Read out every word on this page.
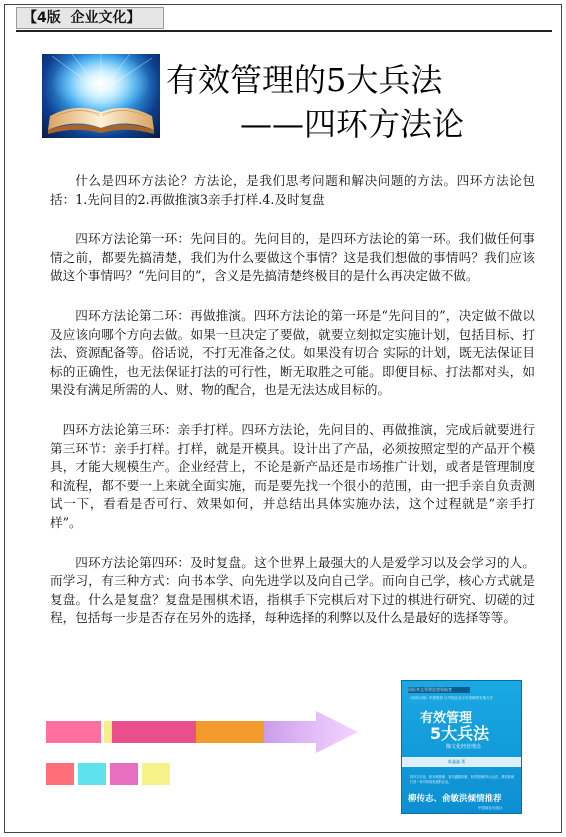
【4版  企业文化】
有效管理的5大兵法
——四环方法论

什么是四环方法论？方法论，是我们思考问题和解决问题的方法。四环方法论包括：1.先问目的2.再做推演3亲手打样.4.及时复盘

四环方法论第一环：先问目的。先问目的，是四环方法论的第一环。我们做任何事情之前，都要先搞清楚，我们为什么要做这个事情？这是我们想做的事情吗？我们应该做这个事情吗？“先问目的”，含义是先搞清楚终极目的是什么再决定做不做。

四环方法论第二环：再做推演。四环方法论的第一环是“先问目的”，决定做不做以及应该向哪个方向去做。如果一旦决定了要做，就要立刻拟定实施计划，包括目标、打法、资源配备等。俗话说，不打无准备之仗。如果没有切合 实际的计划，既无法保证目标的正确性，也无法保证打法的可行性，断无取胜之可能。即便目标、打法都对头，如果没有满足所需的人、财、物的配合，也是无法达成目标的。

四环方法论第三环：亲手打样。四环方法论，先问目的、再做推演，完成后就要进行第三环节：亲手打样。打样，就是开模具。设计出了产品，必须按照定型的产品开个模具，才能大规模生产。企业经营上，不论是新产品还是市场推广计划，或者是管理制度和流程，都不要一上来就全面实施，而是要先找一个很小的范围，由一把手亲自负责测试一下，看看是否可行、效果如何，并总结出具体实施办法，这个过程就是“亲手打样”。

四环方法论第四环：及时复盘。这个世界上最强大的人是爱学习以及会学习的人。而学习，有三种方式：向书本学、向先进学以及向自己学。而向自己学，核心方式就是复盘。什么是复盘？复盘是围棋术语，指棋手下完棋后对下过的棋进行研究、切磋的过程，包括每一步是否存在另外的选择，每种选择的利弊以及什么是最好的选择等等。

国际华文管理思想领航者
《培训大师》年度推荐 让中国企业少走弯路的实战方法
有效管理
5大兵法
陶文化经营理念
陈鑫鑫 著
四环方法论、积分制管理、赛马激励机制、有效管理的5大兵法，教你如何打造一家可持续发展的企业。
柳传志、俞敏洪倾情推荐
中国商业出版社
